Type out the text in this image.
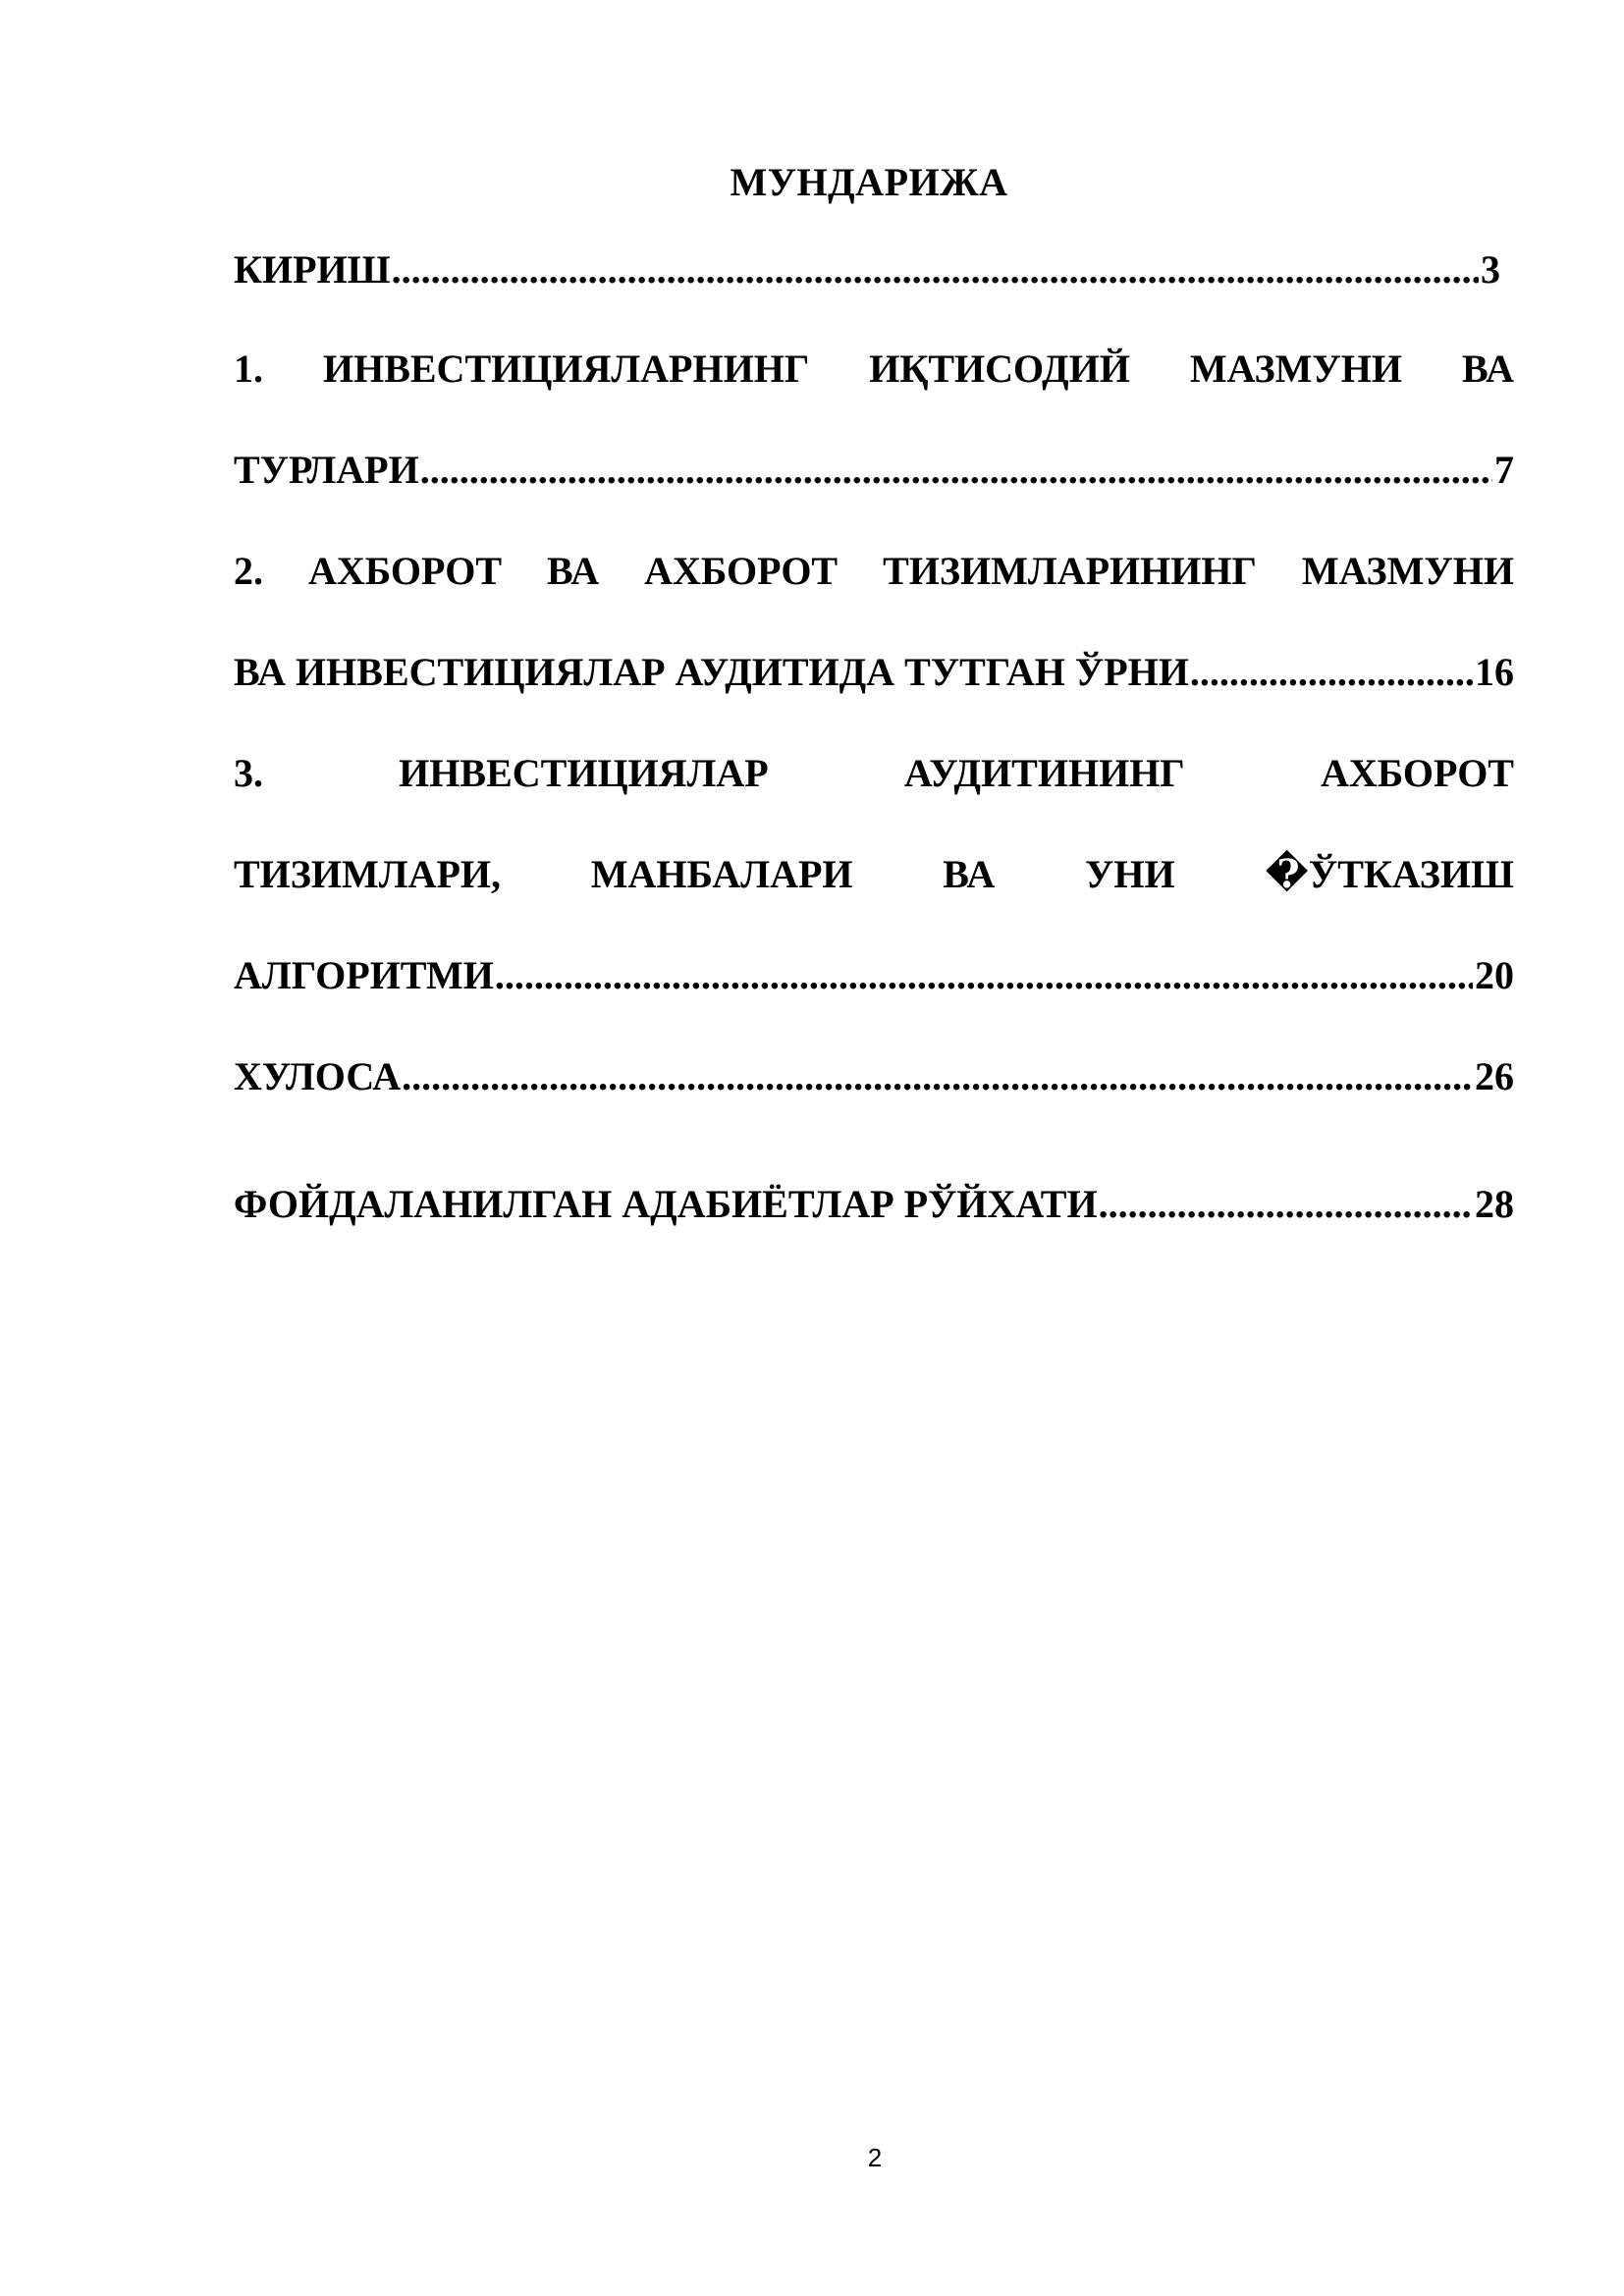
МУНДАРИЖА
КИРИШ .....	3
1. ИНВЕСТИЦИЯЛАРНИНГ ИҚТИСОДИЙ МАЗМУНИ ВА
ТУРЛАРИ .....	7
2. АХБОРОТ ВА АХБОРОТ ТИЗИМЛАРИНИНГ МАЗМУНИ
ВА ИНВЕСТИЦИЯЛАР АУДИТИДА ТУТГАН ЎРНИ .....	16
3.	ИНВЕСТИЦИЯЛАР	АУДИТИНИНГ	АХБОРОТ
ТИЗИМЛАРИ, МАНБАЛАРИ ВА УНИ �ЎТКАЗИШ
АЛГОРИТМИ .....	20
ХУЛОСА .....	26
ФОЙДАЛАНИЛГАН АДАБИЁТЛАР РЎЙХАТИ .....	28
2
